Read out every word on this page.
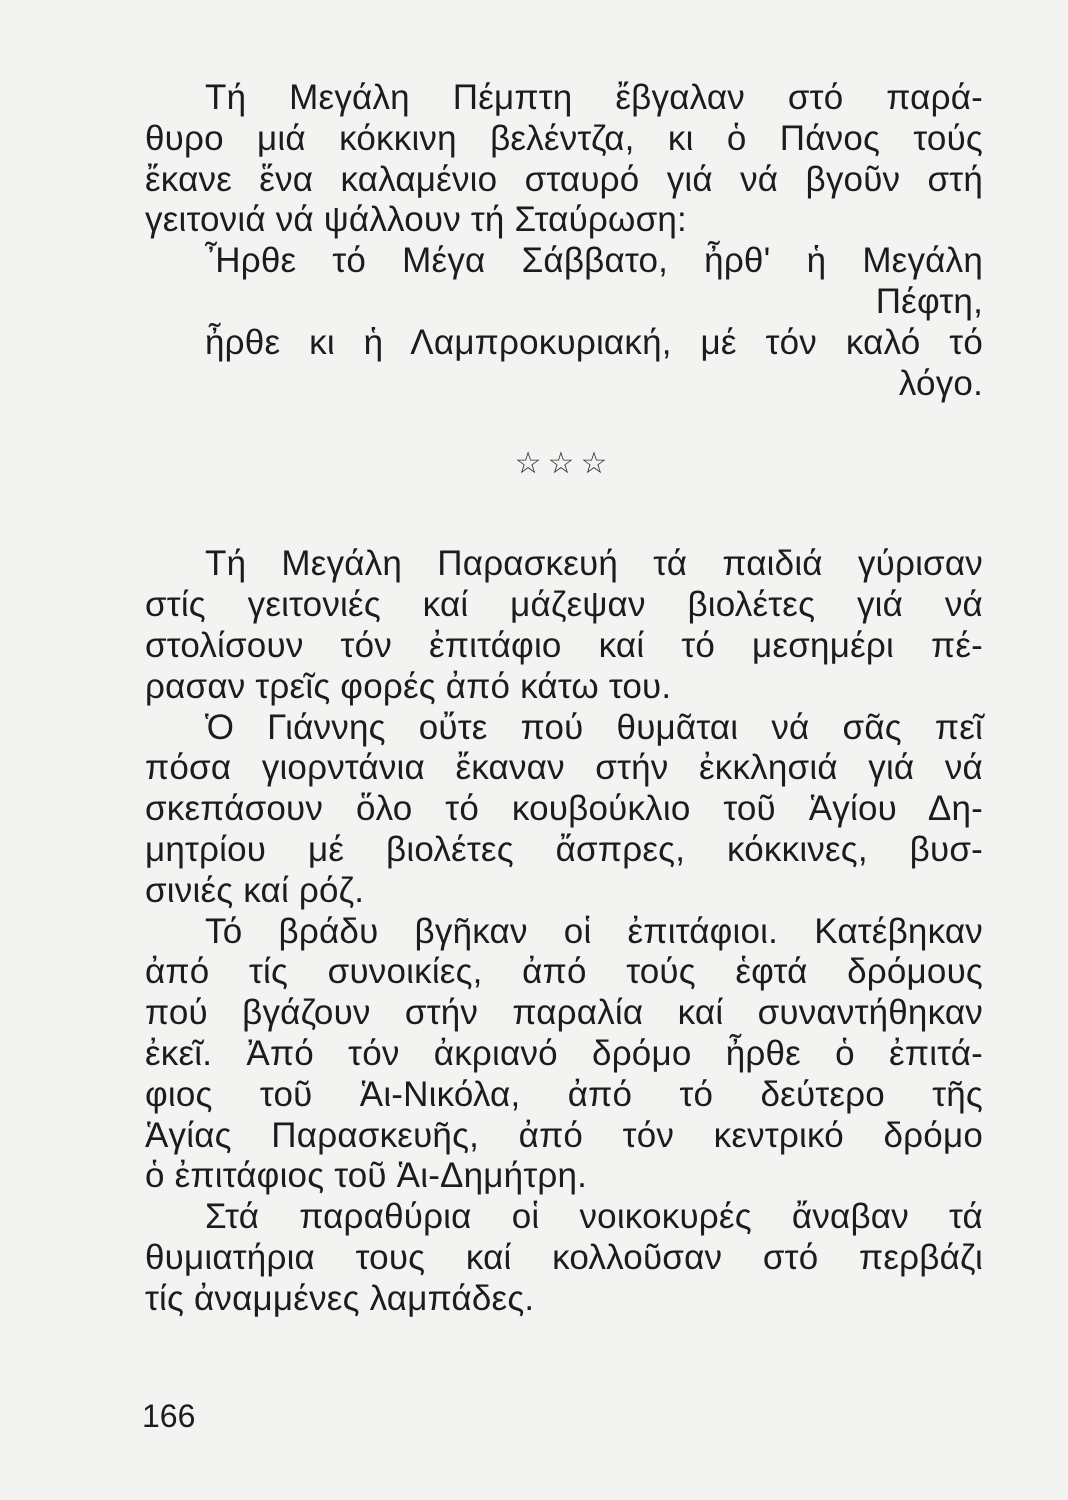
Τή Μεγάλη Πέμπτη ἔβγαλαν στό παρά-
θυρο μιά κόκκινη βελέντζα, κι ὁ Πάνος τούς
ἔκανε ἕνα καλαμένιο σταυρό γιά νά βγοῦν στή
γειτονιά νά ψάλλουν τή Σταύρωση:
Ἦρθε τό Μέγα Σάββατο, ἦρθ' ἡ Μεγάλη
Πέφτη,
ἦρθε κι ἡ Λαμπροκυριακή, μέ τόν καλό τό
λόγο.
☆☆☆
Τή Μεγάλη Παρασκευή τά παιδιά γύρισαν
στίς γειτονιές καί μάζεψαν βιολέτες γιά νά
στολίσουν τόν ἐπιτάφιο καί τό μεσημέρι πέ-
ρασαν τρεῖς φορές ἀπό κάτω του.
Ὁ Γιάννης οὔτε πού θυμᾶται νά σᾶς πεῖ
πόσα γιορντάνια ἔκαναν στήν ἐκκλησιά γιά νά
σκεπάσουν ὅλο τό κουβούκλιο τοῦ Ἁγίου Δη-
μητρίου μέ βιολέτες ἄσπρες, κόκκινες, βυσ-
σινιές καί ρόζ.
Τό βράδυ βγῆκαν οἱ ἐπιτάφιοι. Κατέβηκαν
ἀπό τίς συνοικίες, ἀπό τούς ἑφτά δρόμους
πού βγάζουν στήν παραλία καί συναντήθηκαν
ἐκεῖ. Ἀπό τόν ἀκριανό δρόμο ἦρθε ὁ ἐπιτά-
φιος τοῦ Ἁι-Νικόλα, ἀπό τό δεύτερο τῆς
Ἁγίας Παρασκευῆς, ἀπό τόν κεντρικό δρόμο
ὁ ἐπιτάφιος τοῦ Ἁι-Δημήτρη.
Στά παραθύρια οἱ νοικοκυρές ἄναβαν τά
θυμιατήρια τους καί κολλοῦσαν στό περβάζι
τίς ἀναμμένες λαμπάδες.
166
